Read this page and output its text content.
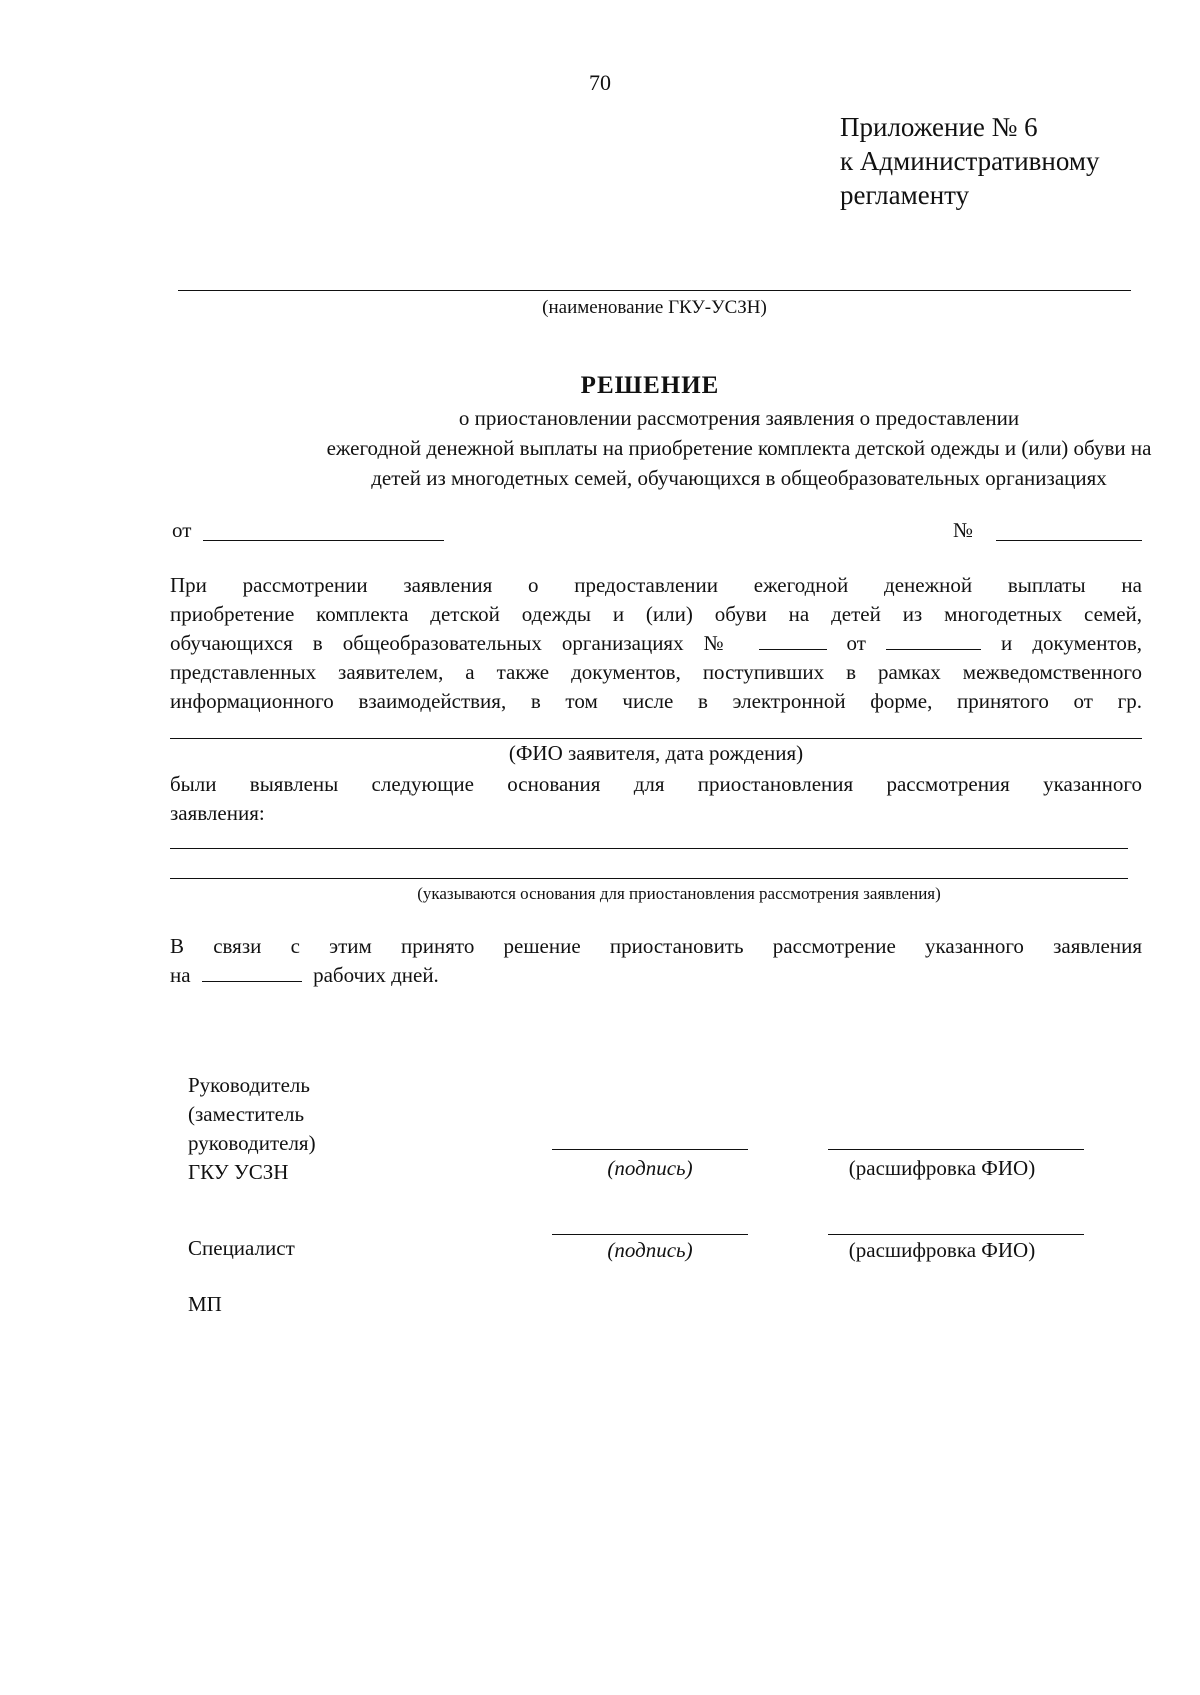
70
Приложение № 6
к Административному
регламенту
(наименование ГКУ-УСЗН)
РЕШЕНИЕ
о приостановлении рассмотрения заявления о предоставлении
ежегодной денежной выплаты на приобретение комплекта детской одежды и (или) обуви на
детей из многодетных семей, обучающихся в общеобразовательных организациях
от	№
При рассмотрении заявления о предоставлении ежегодной денежной выплаты на
приобретение комплекта детской одежды и (или) обуви на детей из многодетных семей,
обучающихся в общеобразовательных организациях №	от	и документов,
представленных заявителем, а также документов, поступивших в рамках межведомственного
информационного взаимодействия, в том числе в электронной форме, принятого от гр.
(ФИО заявителя, дата рождения)
были выявлены следующие основания для приостановления рассмотрения указанного
заявления:
(указываются основания для приостановления рассмотрения заявления)
В связи с этим принято решение приостановить рассмотрение указанного заявления
на	рабочих дней.
Руководитель
(заместитель
руководителя)
ГКУ УСЗН	(подпись)	(расшифровка ФИО)
Специалист	(подпись)	(расшифровка ФИО)
МП
